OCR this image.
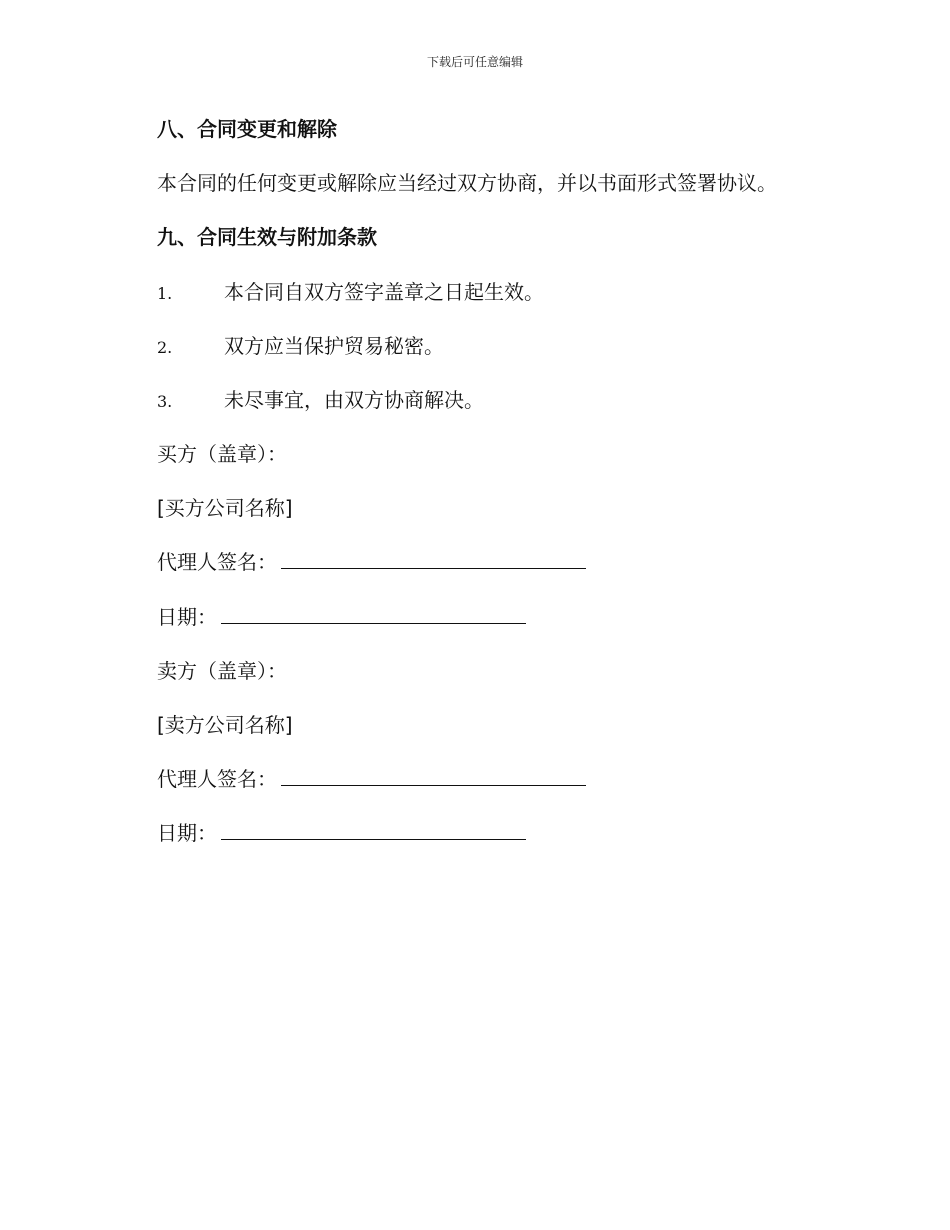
下载后可任意编辑
八、合同变更和解除
本合同的任何变更或解除应当经过双方协商，并以书面形式签署协议。
九、合同生效与附加条款
1.	本合同自双方签字盖章之日起生效。
2.	双方应当保护贸易秘密。
3.	未尽事宜，由双方协商解决。
买方（盖章）：
[买方公司名称]
代理人签名：
日期：
卖方（盖章）：
[卖方公司名称]
代理人签名：
日期：
